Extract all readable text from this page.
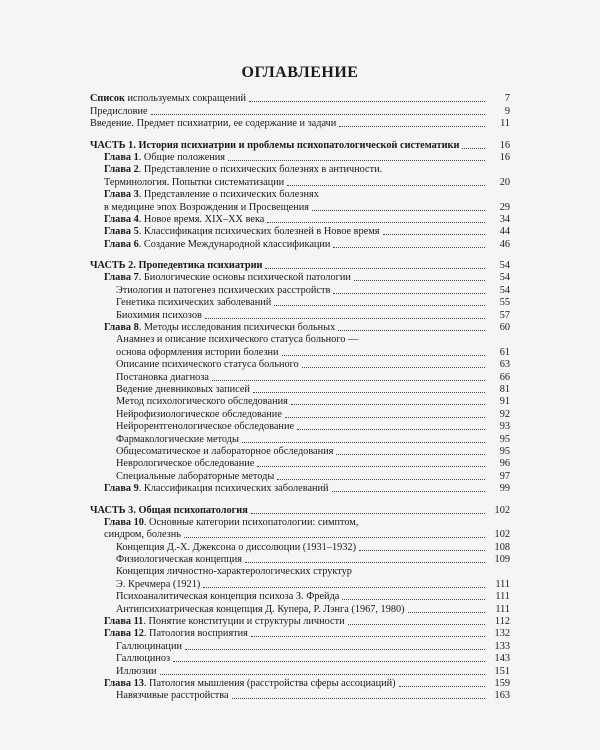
ОГЛАВЛЕНИЕ
Список используемых сокращений	7
Предисловие	9
Введение. Предмет психиатрии, ее содержание и задачи	11
ЧАСТЬ 1. История психиатрии и проблемы психопатологической систематики	16
Глава 1. Общие положения	16
Глава 2. Представление о психических болезнях в античности.
Терминология. Попытки систематизации	20
Глава 3. Представление о психических болезнях
в медицине эпох Возрождения и Просвещения	29
Глава 4. Новое время. XIX–XX века	34
Глава 5. Классификация психических болезней в Новое время	44
Глава 6. Создание Международной классификации	46
ЧАСТЬ 2. Пропедевтика психиатрии	54
Глава 7. Биологические основы психической патологии	54
Этиология и патогенез психических расстройств	54
Генетика психических заболеваний	55
Биохимия психозов	57
Глава 8. Методы исследования психически больных	60
Анамнез и описание психического статуса больного —
основа оформления истории болезни	61
Описание психического статуса больного	63
Постановка диагноза	66
Ведение дневниковых записей	81
Метод психологического обследования	91
Нейрофизиологическое обследование	92
Нейрорентгенологическое обследование	93
Фармакологические методы	95
Общесоматическое и лабораторное обследования	95
Неврологическое обследование	96
Специальные лабораторные методы	97
Глава 9. Классификация психических заболеваний	99
ЧАСТЬ 3. Общая психопатология	102
Глава 10. Основные категории психопатологии: симптом,
синдром, болезнь	102
Концепция Д.-Х. Джексона о диссолюции (1931–1932)	108
Физиологическая концепция	109
Концепция личностно-характерологических структур
Э. Кречмера (1921)	111
Психоаналитическая концепция психоза З. Фрейда	111
Антипсихиатрическая концепция Д. Купера, Р. Лэнга (1967, 1980)	111
Глава 11. Понятие конституции и структуры личности	112
Глава 12. Патология восприятия	132
Галлюцинации	133
Галлюциноз	143
Иллюзии	151
Глава 13. Патология мышления (расстройства сферы ассоциаций)	159
Навязчивые расстройства	163
